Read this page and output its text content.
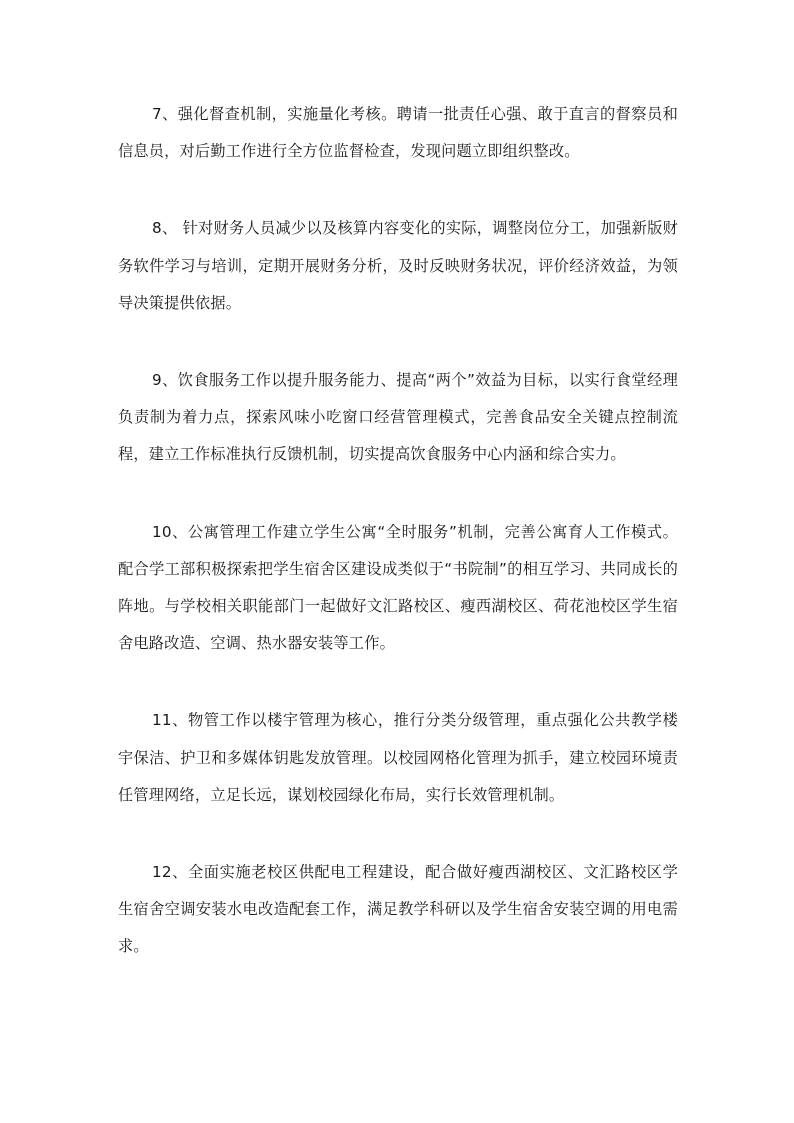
7、强化督查机制，实施量化考核。聘请一批责任心强、敢于直言的督察员和信息员，对后勤工作进行全方位监督检查，发现问题立即组织整改。

8、 针对财务人员减少以及核算内容变化的实际，调整岗位分工，加强新版财务软件学习与培训，定期开展财务分析，及时反映财务状况，评价经济效益，为领导决策提供依据。

9、饮食服务工作以提升服务能力、提高“两个”效益为目标，以实行食堂经理负责制为着力点，探索风味小吃窗口经营管理模式，完善食品安全关键点控制流程，建立工作标准执行反馈机制，切实提高饮食服务中心内涵和综合实力。

10、公寓管理工作建立学生公寓“全时服务”机制，完善公寓育人工作模式。配合学工部积极探索把学生宿舍区建设成类似于“书院制”的相互学习、共同成长的阵地。与学校相关职能部门一起做好文汇路校区、瘦西湖校区、荷花池校区学生宿舍电路改造、空调、热水器安装等工作。

11、物管工作以楼宇管理为核心，推行分类分级管理，重点强化公共教学楼宇保洁、护卫和多媒体钥匙发放管理。以校园网格化管理为抓手，建立校园环境责任管理网络，立足长远，谋划校园绿化布局，实行长效管理机制。

12、全面实施老校区供配电工程建设，配合做好瘦西湖校区、文汇路校区学生宿舍空调安装水电改造配套工作，满足教学科研以及学生宿舍安装空调的用电需求。
